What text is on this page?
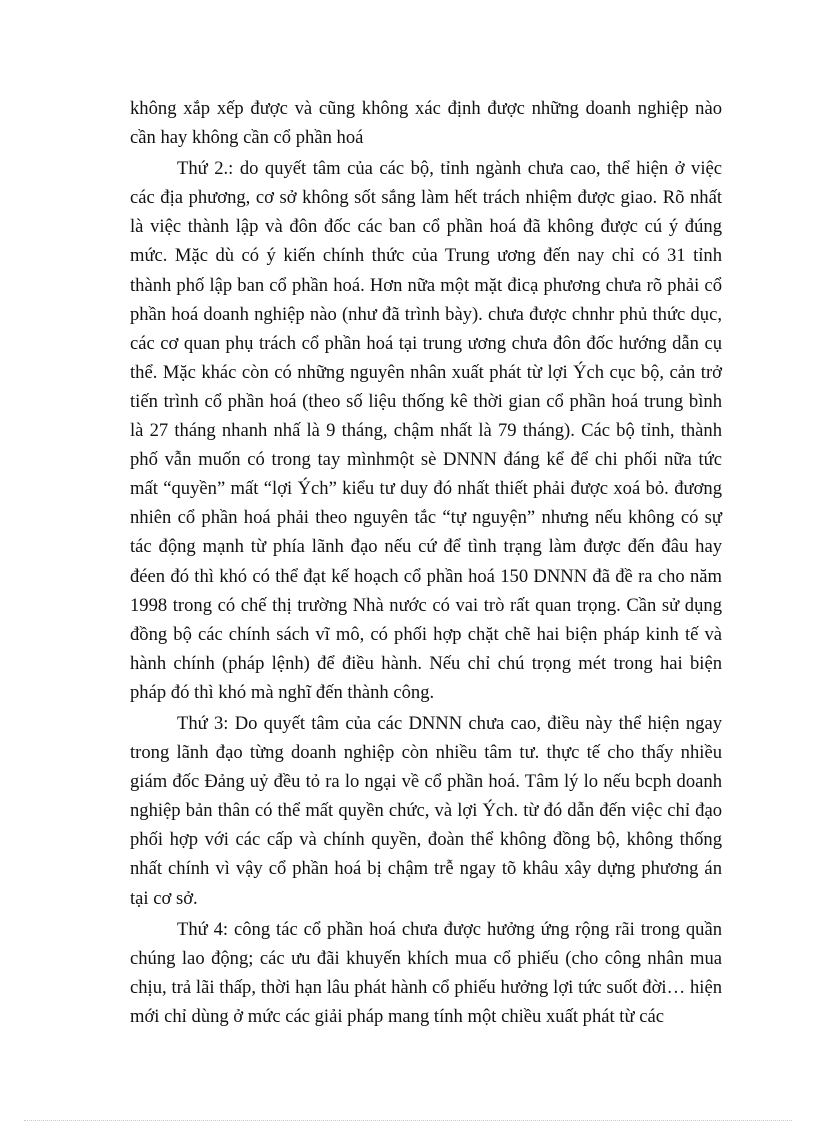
không xắp xếp được và cũng không xác định được những doanh nghiệp nào cần hay không cần cổ phần hoá

Thứ 2.: do quyết tâm của các bộ, tỉnh ngành chưa cao, thể hiện ở việc các địa phương, cơ sở không sốt sắng làm hết trách nhiệm được giao. Rõ nhất là việc thành lập và đôn đốc các ban cổ phần hoá đã không được cú ý đúng mức. Mặc dù có ý kiến chính thức của Trung ương đến nay chỉ có 31 tỉnh thành phố lập ban cổ phần hoá. Hơn nữa một mặt đicạ phương chưa rõ phải cổ phần hoá doanh nghiệp nào (như đã trình bày). chưa được chnhr phủ thức dục, các cơ quan phụ trách cổ phần hoá tại trung ương chưa đôn đốc hướng dẫn cụ thể. Mặc khác còn có những nguyên nhân xuất phát từ lợi Ých cục bộ, cản trở tiến trình cổ phần hoá (theo số liệu thống kê thời gian cổ phần hoá trung bình là 27 tháng nhanh nhấ là 9 tháng, chậm nhất là 79 tháng). Các bộ tỉnh, thành phố vẫn muốn có trong tay mìnhmột sè DNNN đáng kể để chi phối nữa tức mất “quyền” mất “lợi Ých” kiểu tư duy đó nhất thiết phải được xoá bỏ. đương nhiên cổ phần hoá phải theo nguyên tắc “tự nguyện” nhưng nếu không có sự tác động mạnh từ phía lãnh đạo nếu cứ để tình trạng làm được đến đâu hay đéen đó thì khó có thể đạt kế hoạch cổ phần hoá 150 DNNN đã đề ra cho năm 1998 trong có chế thị trường Nhà nước có vai trò rất quan trọng. Cần sử dụng đồng bộ các chính sách vĩ mô, có phối hợp chặt chẽ hai biện pháp kinh tế và hành chính (pháp lệnh) để điều hành. Nếu chỉ chú trọng mét trong hai biện pháp đó thì khó mà nghĩ đến thành công.

Thứ 3: Do quyết tâm của các DNNN chưa cao, điều này thể hiện ngay trong lãnh đạo từng doanh nghiệp còn nhiều tâm tư. thực tế cho thấy nhiều giám đốc Đảng uỷ đều tỏ ra lo ngại về cổ phần hoá. Tâm lý lo nếu bcph doanh nghiệp bản thân có thể mất quyền chức, và lợi Ých. từ đó dẫn đến việc chỉ đạo phối hợp với các cấp và chính quyền, đoàn thể không đồng bộ, không thống nhất chính vì vậy cổ phần hoá bị chậm trễ ngay tõ khâu xây dựng phương án tại cơ sở.

Thứ 4: công tác cổ phần hoá chưa được hưởng ứng rộng rãi trong quần chúng lao động; các ưu đãi khuyến khích mua cổ phiếu (cho công nhân mua chịu, trả lãi thấp, thời hạn lâu phát hành cổ phiếu hưởng lợi tức suốt đời… hiện mới chỉ dùng ở mức các giải pháp mang tính một chiều xuất phát từ các
